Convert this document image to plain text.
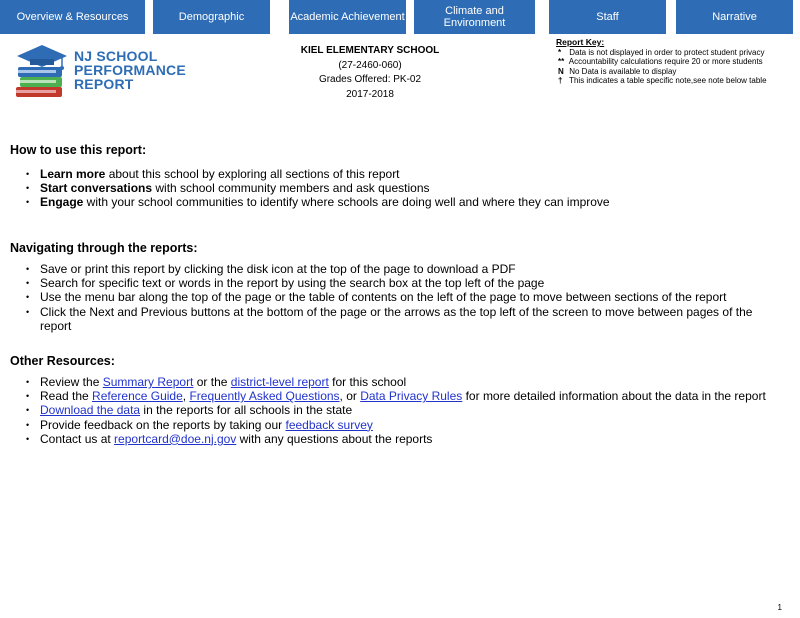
Overview & Resources	Demographic	Academic Achievement	Climate and Environment	Staff	Narrative
NJ SCHOOL
PERFORMANCE
REPORT
KIEL ELEMENTARY SCHOOL
(27-2460-060)
Grades Offered: PK-02
2017-2018
Report Key:
* Data is not displayed in order to protect student privacy
** Accountability calculations require 20 or more students
N No Data is available to display
† This indicates a table specific note,see note below table
How to use this report:
• Learn more about this school by exploring all sections of this report
• Start conversations with school community members and ask questions
• Engage with your school communities to identify where schools are doing well and where they can improve
Navigating through the reports:
• Save or print this report by clicking the disk icon at the top of the page to download a PDF
• Search for specific text or words in the report by using the search box at the top left of the page
• Use the menu bar along the top of the page or the table of contents on the left of the page to move between sections of the report
• Click the Next and Previous buttons at the bottom of the page or the arrows as the top left of the screen to move between pages of the report
Other Resources:
• Review the Summary Report or the district-level report for this school
• Read the Reference Guide, Frequently Asked Questions, or Data Privacy Rules for more detailed information about the data in the report
• Download the data in the reports for all schools in the state
• Provide feedback on the reports by taking our feedback survey
• Contact us at reportcard@doe.nj.gov with any questions about the reports
1
